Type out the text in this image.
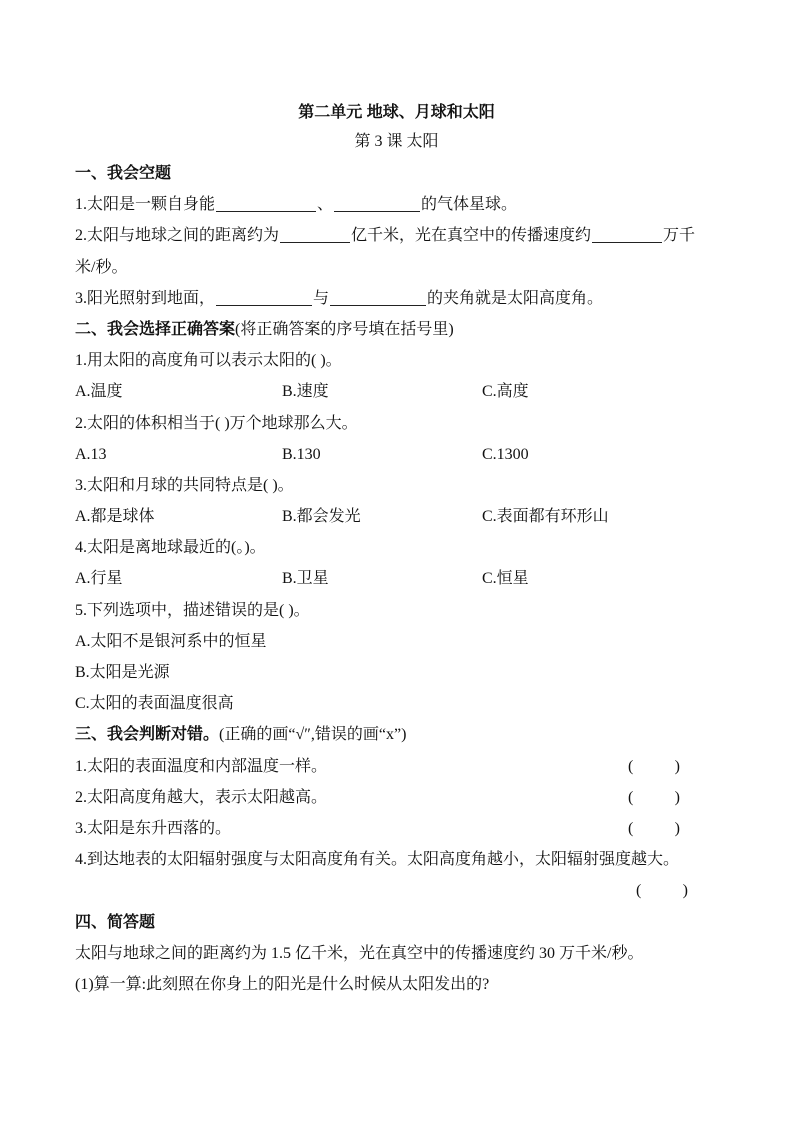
第二单元 地球、月球和太阳
第 3 课 太阳
一、我会空题
1.太阳是一颗自身能	、	的气体星球。
2.太阳与地球之间的距离约为	亿千米，光在真空中的传播速度约	万千
米/秒。
3.阳光照射到地面，	与	的夹角就是太阳高度角。
二、我会选择正确答案(将正确答案的序号填在括号里)
1.用太阳的高度角可以表示太阳的( )。
A.温度	B.速度	C.高度
2.太阳的体积相当于( )万个地球那么大。
A.13	B.130	C.1300
3.太阳和月球的共同特点是( )。
A.都是球体	B.都会发光	C.表面都有环形山
4.太阳是离地球最近的(。)。
A.行星	B.卫星	C.恒星
5.下列选项中，描述错误的是( )。
A.太阳不是银河系中的恒星
B.太阳是光源
C.太阳的表面温度很高
三、我会判断对错。(正确的画“√″,错误的画“x”)
1.太阳的表面温度和内部温度一样。	(	)
2.太阳高度角越大，表示太阳越高。	(	)
3.太阳是东升西落的。	(	)
4.到达地表的太阳辐射强度与太阳高度角有关。太阳高度角越小，太阳辐射强度越大。
(	)
四、简答题
太阳与地球之间的距离约为 1.5 亿千米，光在真空中的传播速度约 30 万千米/秒。
(1)算一算:此刻照在你身上的阳光是什么时候从太阳发出的?
